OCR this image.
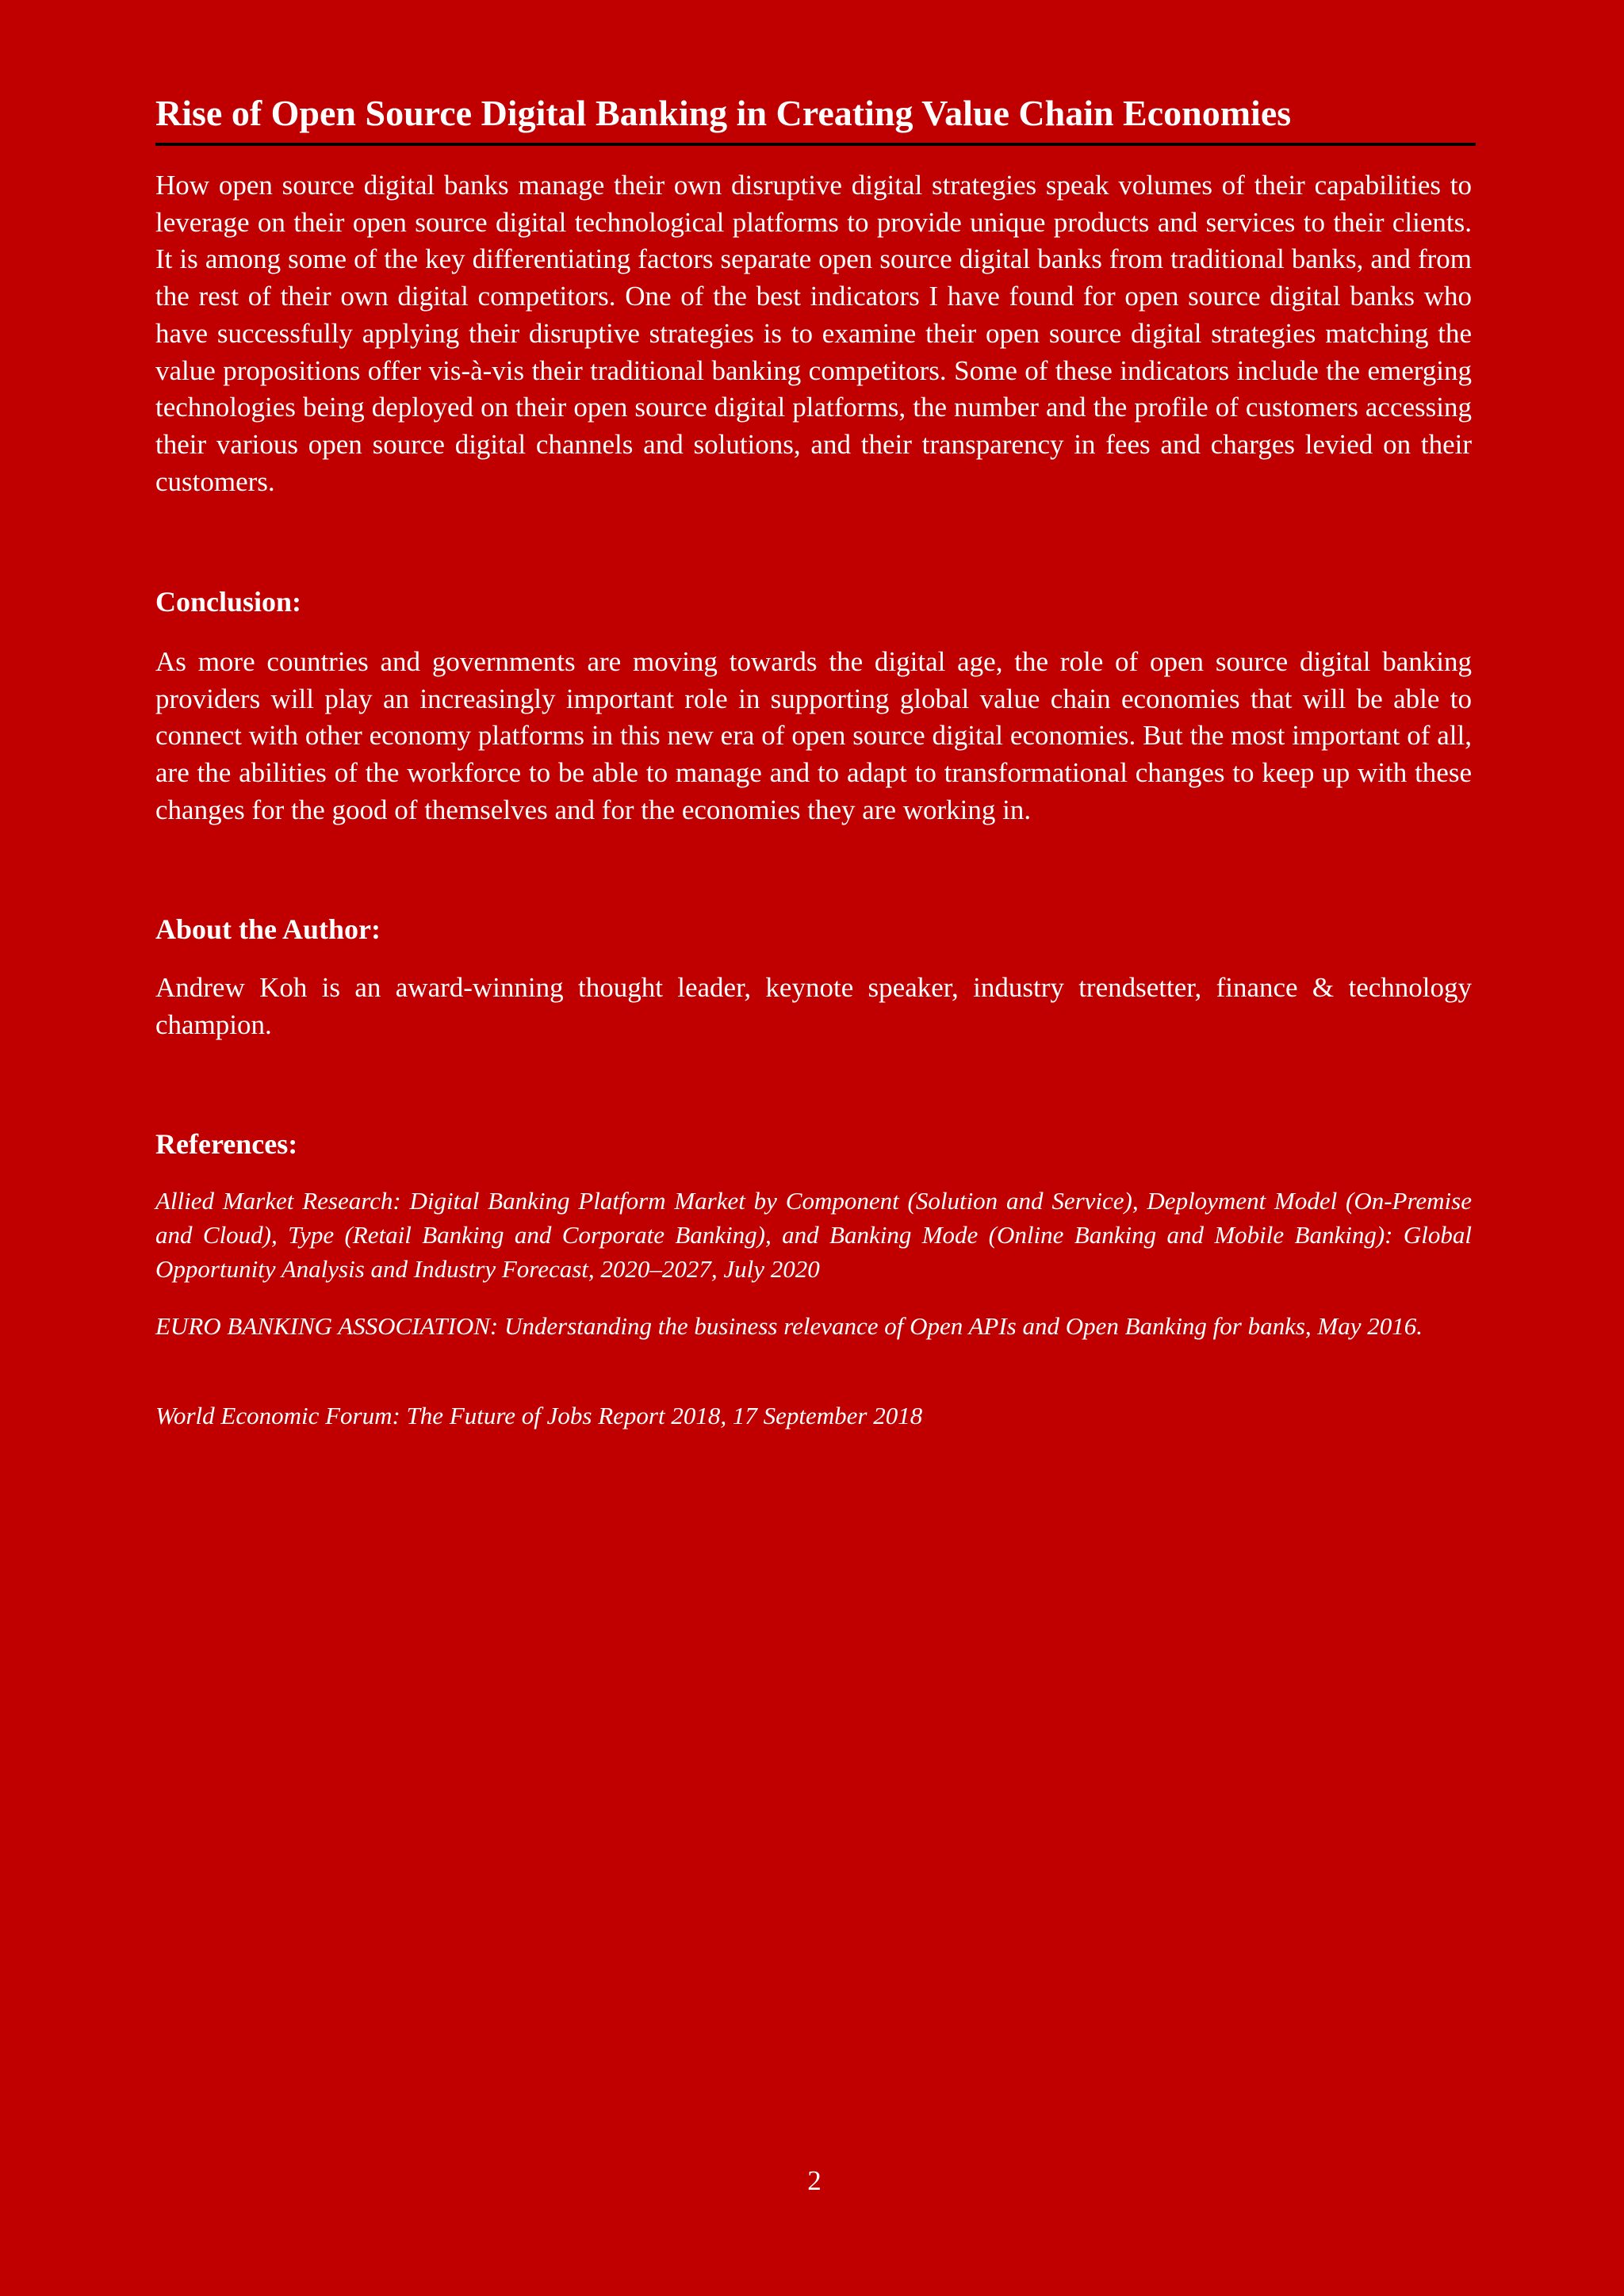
Rise of Open Source Digital Banking in Creating Value Chain Economies

How open source digital banks manage their own disruptive digital strategies speak volumes of their capabilities to leverage on their open source digital technological platforms to provide unique products and services to their clients. It is among some of the key differentiating factors separate open source digital banks from traditional banks, and from the rest of their own digital competitors. One of the best indicators I have found for open source digital banks who have successfully applying their disruptive strategies is to examine their open source digital strategies matching the value propositions offer vis-à-vis their traditional banking competitors. Some of these indicators include the emerging technologies being deployed on their open source digital platforms, the number and the profile of customers accessing their various open source digital channels and solutions, and their transparency in fees and charges levied on their customers.

Conclusion:

As more countries and governments are moving towards the digital age, the role of open source digital banking providers will play an increasingly important role in supporting global value chain economies that will be able to connect with other economy platforms in this new era of open source digital economies. But the most important of all, are the abilities of the workforce to be able to manage and to adapt to transformational changes to keep up with these changes for the good of themselves and for the economies they are working in.

About the Author:

Andrew Koh is an award-winning thought leader, keynote speaker, industry trendsetter, finance & technology champion.

References:

Allied Market Research: Digital Banking Platform Market by Component (Solution and Service), Deployment Model (On-Premise and Cloud), Type (Retail Banking and Corporate Banking), and Banking Mode (Online Banking and Mobile Banking): Global Opportunity Analysis and Industry Forecast, 2020–2027, July 2020

EURO BANKING ASSOCIATION: Understanding the business relevance of Open APIs and Open Banking for banks, May 2016.

World Economic Forum: The Future of Jobs Report 2018, 17 September 2018

2
